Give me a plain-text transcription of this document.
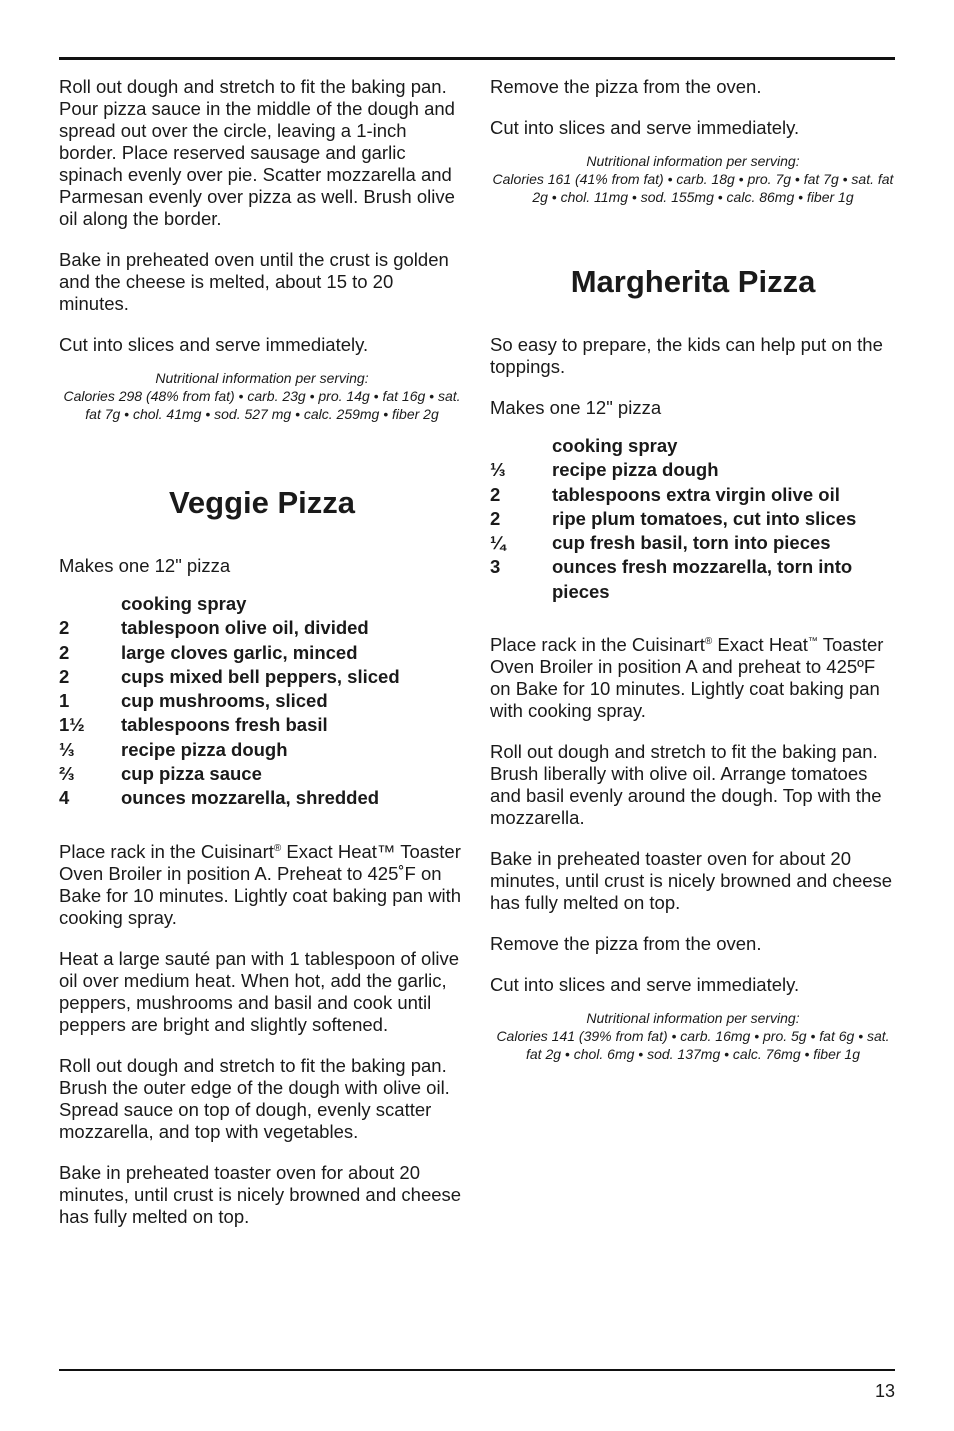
Roll out dough and stretch to fit the baking pan. Pour pizza sauce in the middle of the dough and spread out over the circle, leaving a 1-inch border. Place reserved sausage and garlic spinach evenly over pie. Scatter mozzarella and Parmesan evenly over pizza as well. Brush olive oil along the border.

Bake in preheated oven until the crust is golden and the cheese is melted, about 15 to 20 minutes.

Cut into slices and serve immediately.

Nutritional information per serving:
Calories 298 (48% from fat) • carb. 23g • pro. 14g • fat 16g • sat. fat 7g • chol. 41mg • sod. 527 mg • calc. 259mg • fiber 2g
Veggie Pizza

Makes one 12" pizza

cooking spray
2	tablespoon olive oil, divided
2	large cloves garlic, minced
2	cups mixed bell peppers, sliced
1	cup mushrooms, sliced
1½	tablespoons fresh basil
⅓	recipe pizza dough
⅔	cup pizza sauce
4	ounces mozzarella, shredded

Place rack in the Cuisinart® Exact Heat™ Toaster Oven Broiler in position A. Preheat to 425˚F on Bake for 10 minutes. Lightly coat baking pan with cooking spray.

Heat a large sauté pan with 1 tablespoon of olive oil over medium heat. When hot, add the garlic, peppers, mushrooms and basil and cook until peppers are bright and slightly softened.

Roll out dough and stretch to fit the baking pan. Brush the outer edge of the dough with olive oil. Spread sauce on top of dough, evenly scatter mozzarella, and top with vegetables.

Bake in preheated toaster oven for about 20 minutes, until crust is nicely browned and cheese has fully melted on top.

Remove the pizza from the oven.

Cut into slices and serve immediately.

Nutritional information per serving:
Calories 161 (41% from fat) • carb. 18g • pro. 7g • fat 7g • sat. fat 2g • chol. 11mg • sod. 155mg • calc. 86mg • fiber 1g
Margherita Pizza

So easy to prepare, the kids can help put on the toppings.

Makes one 12" pizza

cooking spray
⅓	recipe pizza dough
2	tablespoons extra virgin olive oil
2	ripe plum tomatoes, cut into slices
¼	cup fresh basil, torn into pieces
3	ounces fresh mozzarella, torn into pieces

Place rack in the Cuisinart® Exact Heat™ Toaster Oven Broiler in position A and preheat to 425ºF on Bake for 10 minutes. Lightly coat baking pan with cooking spray.

Roll out dough and stretch to fit the baking pan. Brush liberally with olive oil. Arrange tomatoes and basil evenly around the dough. Top with the mozzarella.

Bake in preheated toaster oven for about 20 minutes, until crust is nicely browned and cheese has fully melted on top.

Remove the pizza from the oven.

Cut into slices and serve immediately.

Nutritional information per serving:
Calories 141 (39% from fat) • carb. 16mg • pro. 5g • fat 6g • sat. fat 2g • chol. 6mg • sod. 137mg • calc. 76mg • fiber 1g
13
